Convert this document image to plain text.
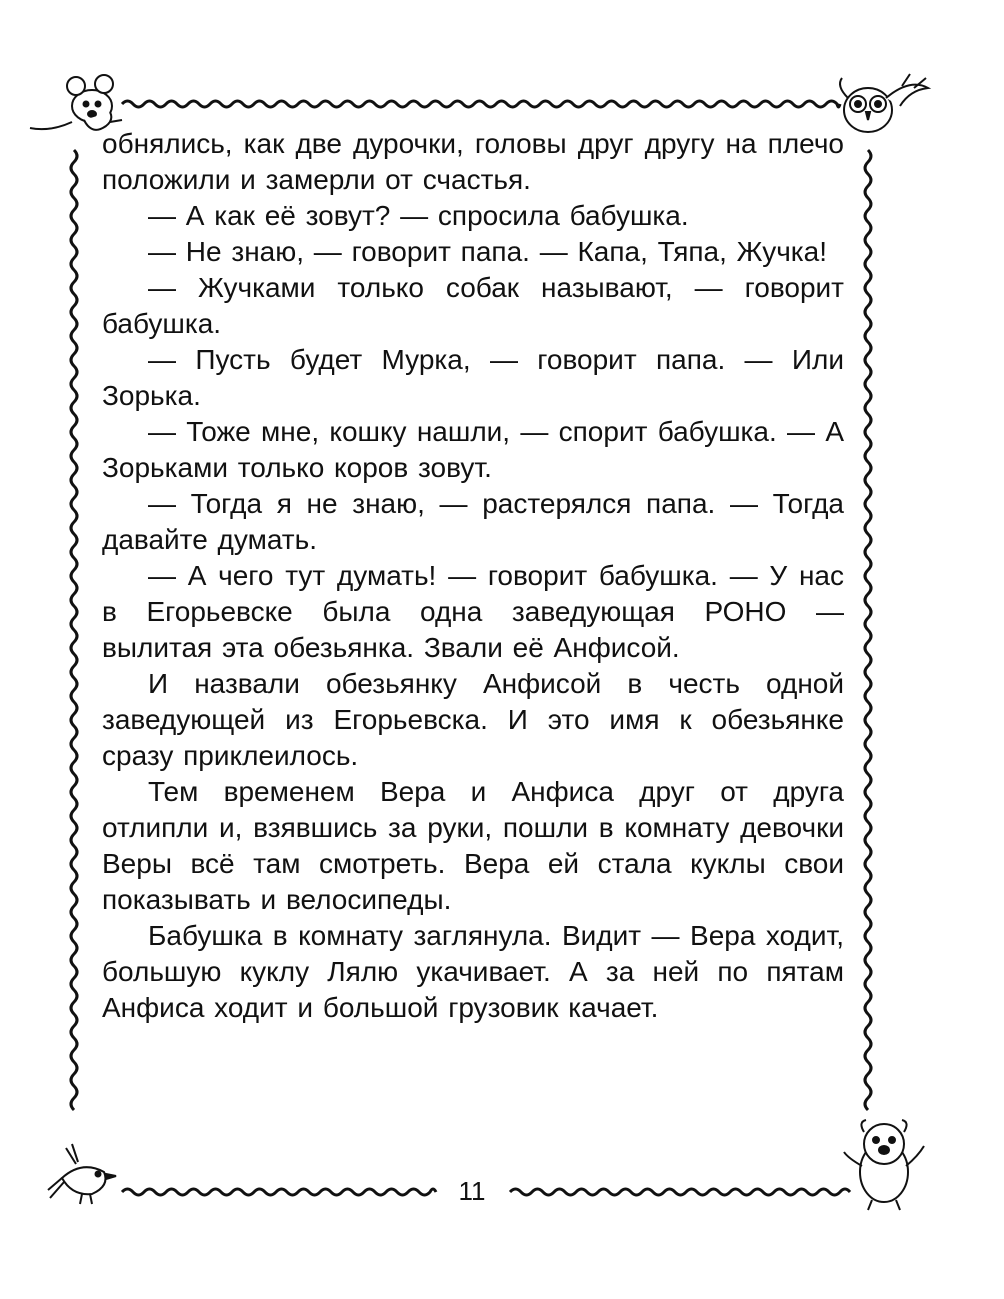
обнялись, как две дурочки, головы друг другу на плечо положили и замерли от счастья.

— А как её зовут? — спросила бабушка.

— Не знаю, — говорит папа. — Капа, Тяпа, Жучка!

— Жучками только собак называют, — говорит бабушка.

— Пусть будет Мурка, — говорит папа. — Или Зорька.

— Тоже мне, кошку нашли, — спорит бабушка. — А Зорьками только коров зовут.

— Тогда я не знаю, — растерялся папа. — Тогда давайте думать.

— А чего тут думать! — говорит бабушка. — У нас в Егорьевске была одна заведующая РОНО — вылитая эта обезьянка. Звали её Анфисой.

И назвали обезьянку Анфисой в честь одной заведующей из Егорьевска. И это имя к обезьянке сразу приклеилось.

Тем временем Вера и Анфиса друг от друга отлипли и, взявшись за руки, пошли в комнату девочки Веры всё там смотреть. Вера ей стала куклы свои показывать и велосипеды.

Бабушка в комнату заглянула. Видит — Вера ходит, большую куклу Лялю укачивает. А за ней по пятам Анфиса ходит и большой грузовик качает.

11
